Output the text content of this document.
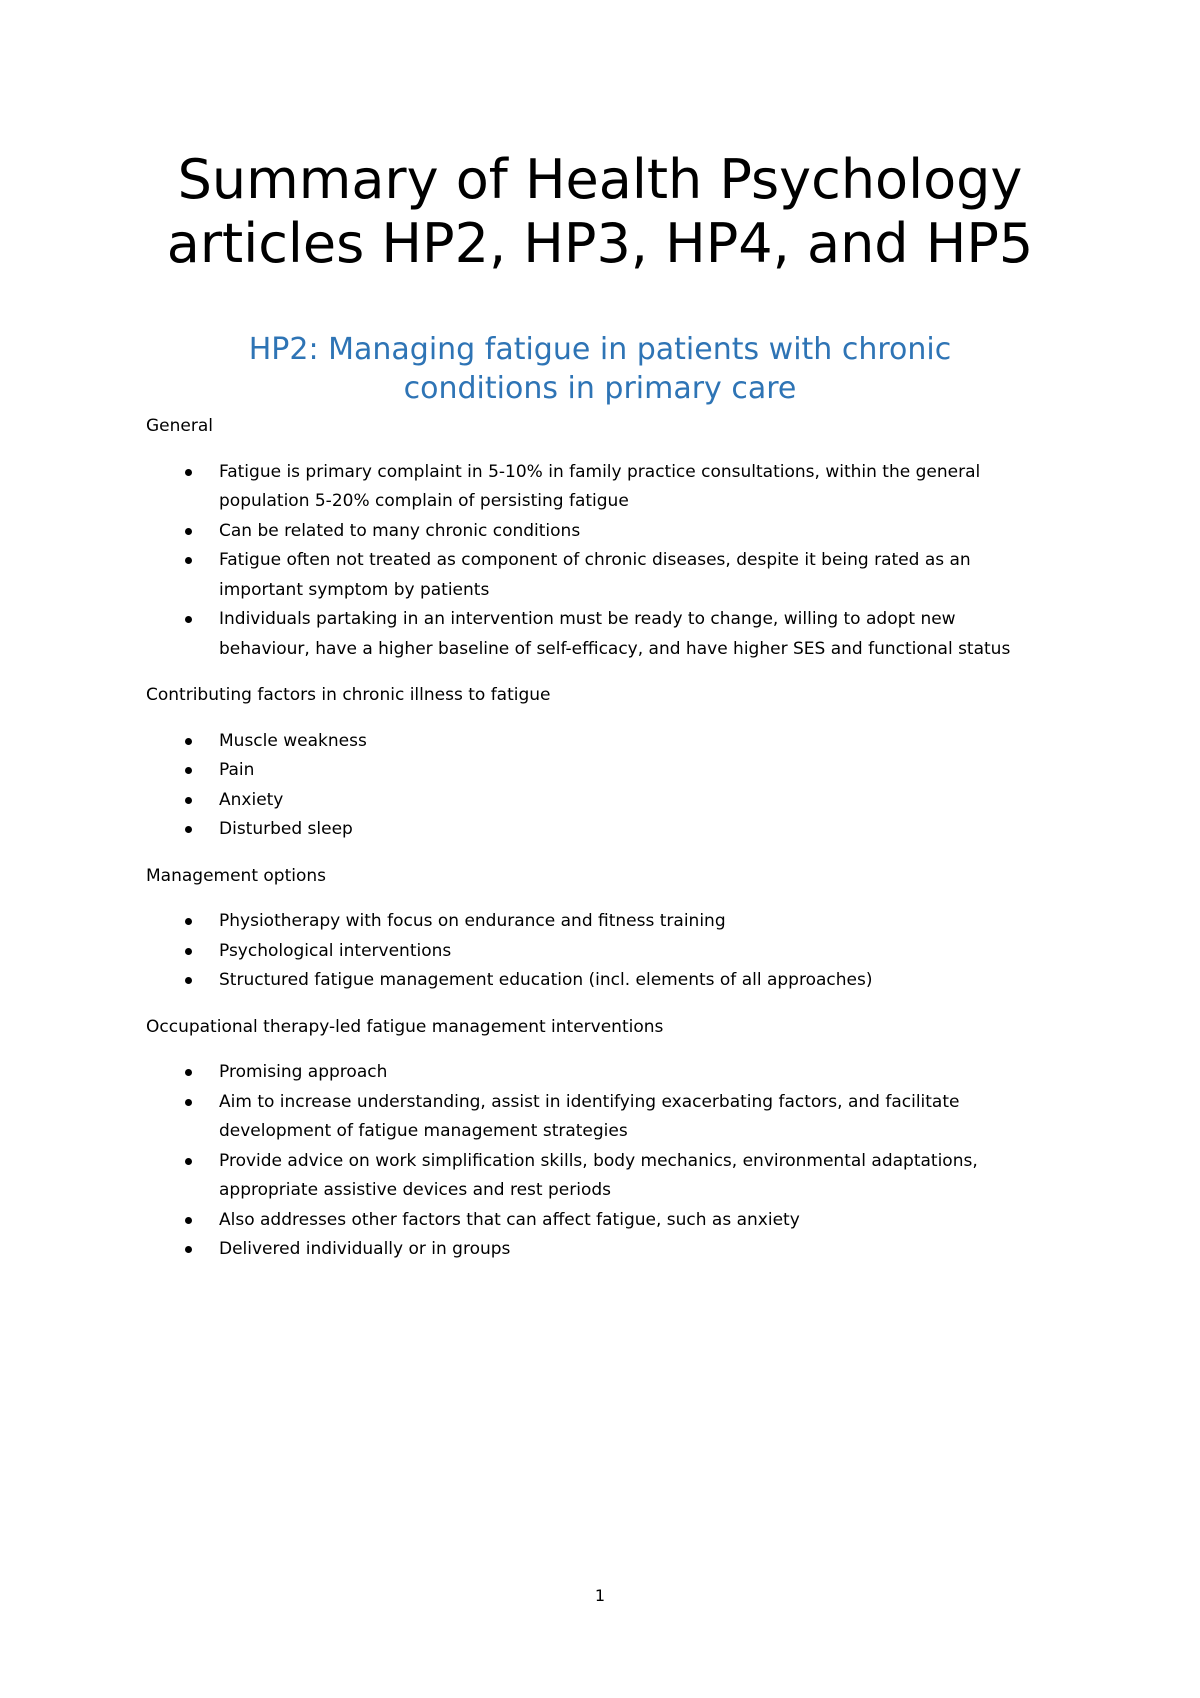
Summary of Health Psychology
articles HP2, HP3, HP4, and HP5
HP2: Managing fatigue in patients with chronic
conditions in primary care

General

Fatigue is primary complaint in 5-10% in family practice consultations, within the general population 5-20% complain of persisting fatigue
Can be related to many chronic conditions
Fatigue often not treated as component of chronic diseases, despite it being rated as an important symptom by patients
Individuals partaking in an intervention must be ready to change, willing to adopt new behaviour, have a higher baseline of self-efficacy, and have higher SES and functional status

Contributing factors in chronic illness to fatigue

Muscle weakness
Pain
Anxiety
Disturbed sleep

Management options

Physiotherapy with focus on endurance and fitness training
Psychological interventions
Structured fatigue management education (incl. elements of all approaches)

Occupational therapy-led fatigue management interventions

Promising approach
Aim to increase understanding, assist in identifying exacerbating factors, and facilitate development of fatigue management strategies
Provide advice on work simplification skills, body mechanics, environmental adaptations, appropriate assistive devices and rest periods
Also addresses other factors that can affect fatigue, such as anxiety
Delivered individually or in groups
1
